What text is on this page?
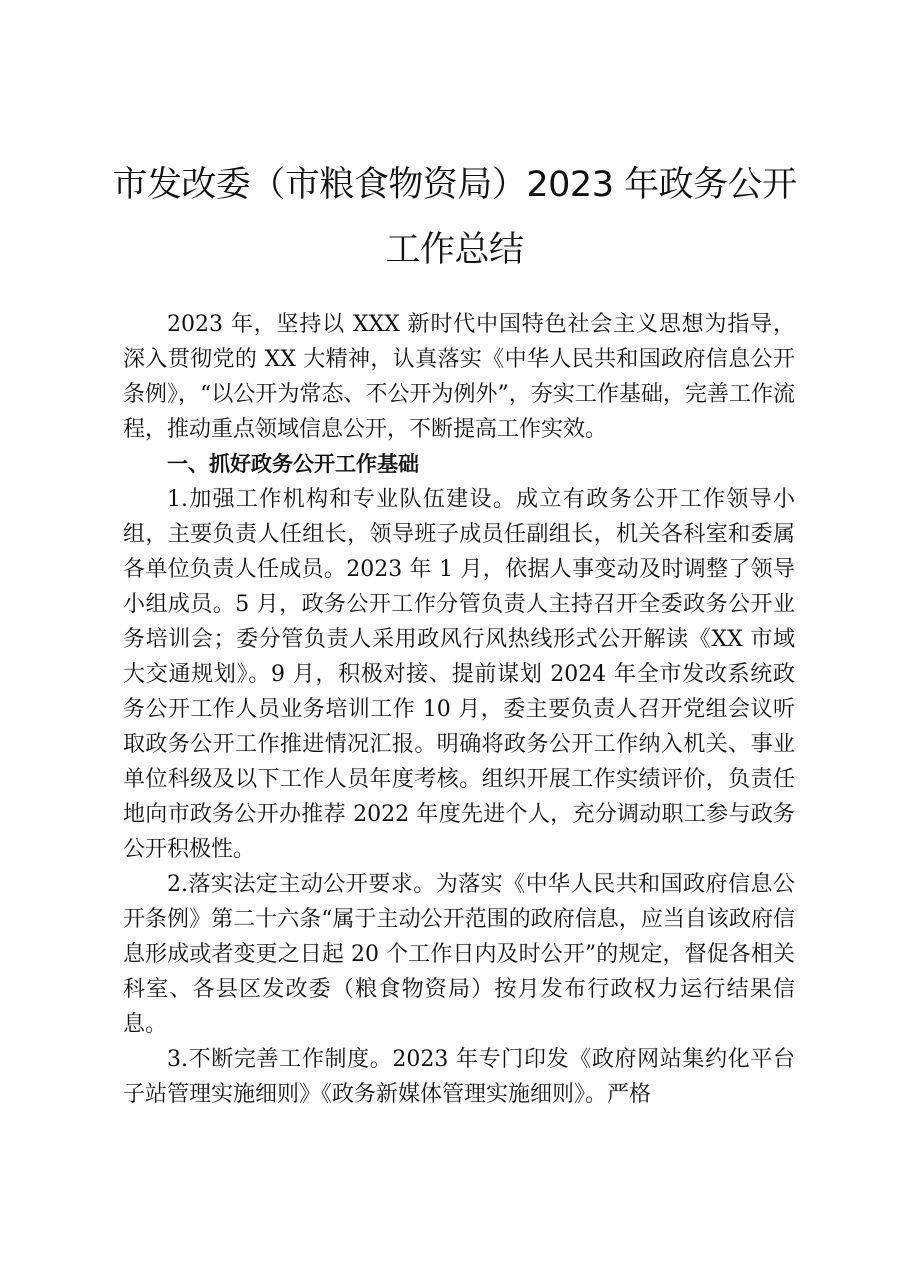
市发改委（市粮食物资局）2023 年政务公开
工作总结

2023 年，坚持以 XXX 新时代中国特色社会主义思想为指导，深入贯彻党的 XX 大精神，认真落实《中华人民共和国政府信息公开条例》，“以公开为常态、不公开为例外”，夯实工作基础，完善工作流程，推动重点领域信息公开，不断提高工作实效。

一、抓好政务公开工作基础

1.加强工作机构和专业队伍建设。成立有政务公开工作领导小组，主要负责人任组长，领导班子成员任副组长，机关各科室和委属各单位负责人任成员。2023 年 1 月，依据人事变动及时调整了领导小组成员。5 月，政务公开工作分管负责人主持召开全委政务公开业务培训会；委分管负责人采用政风行风热线形式公开解读《XX 市域大交通规划》。9 月，积极对接、提前谋划 2024 年全市发改系统政务公开工作人员业务培训工作 10 月，委主要负责人召开党组会议听取政务公开工作推进情况汇报。明确将政务公开工作纳入机关、事业单位科级及以下工作人员年度考核。组织开展工作实绩评价，负责任地向市政务公开办推荐 2022 年度先进个人，充分调动职工参与政务公开积极性。

2.落实法定主动公开要求。为落实《中华人民共和国政府信息公开条例》第二十六条“属于主动公开范围的政府信息，应当自该政府信息形成或者变更之日起 20 个工作日内及时公开”的规定，督促各相关科室、各县区发改委（粮食物资局）按月发布行政权力运行结果信息。

3.不断完善工作制度。2023 年专门印发《政府网站集约化平台子站管理实施细则》《政务新媒体管理实施细则》。严格
